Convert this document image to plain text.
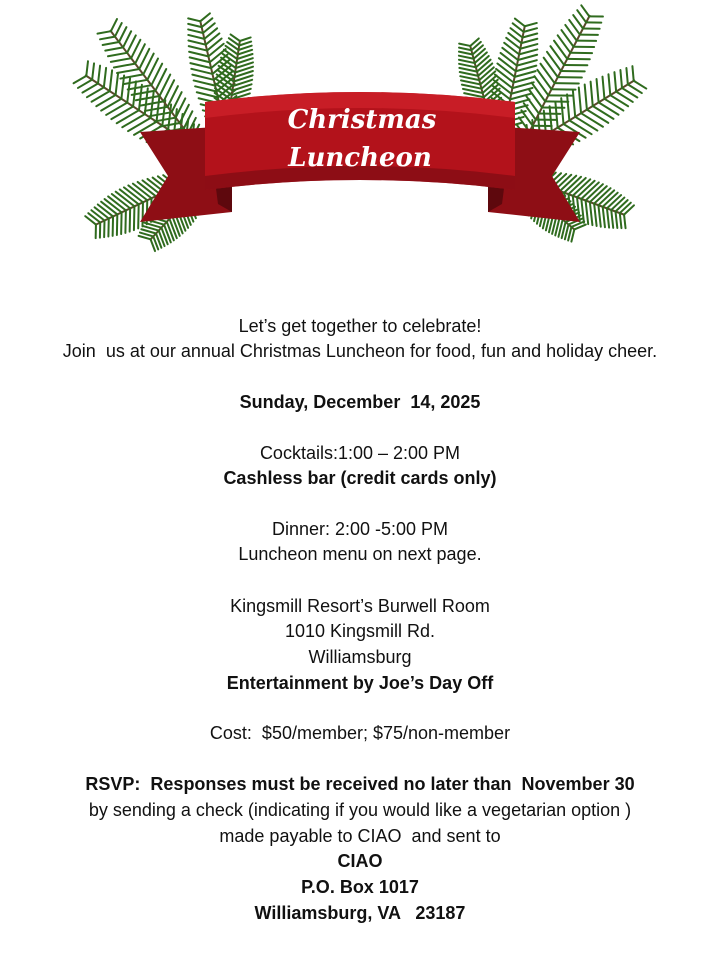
Christmas
Luncheon
Let’s get together to celebrate!
Join  us at our annual Christmas Luncheon for food, fun and holiday cheer.
Sunday, December  14, 2025
Cocktails:1:00 – 2:00 PM
Cashless bar (credit cards only)
Dinner: 2:00 -5:00 PM
Luncheon menu on next page.
Kingsmill Resort’s Burwell Room
1010 Kingsmill Rd.
Williamsburg
Entertainment by Joe’s Day Off
Cost:  $50/member; $75/non-member
RSVP:  Responses must be received no later than  November 30
by sending a check (indicating if you would like a vegetarian option )
made payable to CIAO  and sent to
CIAO
P.O. Box 1017
Williamsburg, VA   23187
